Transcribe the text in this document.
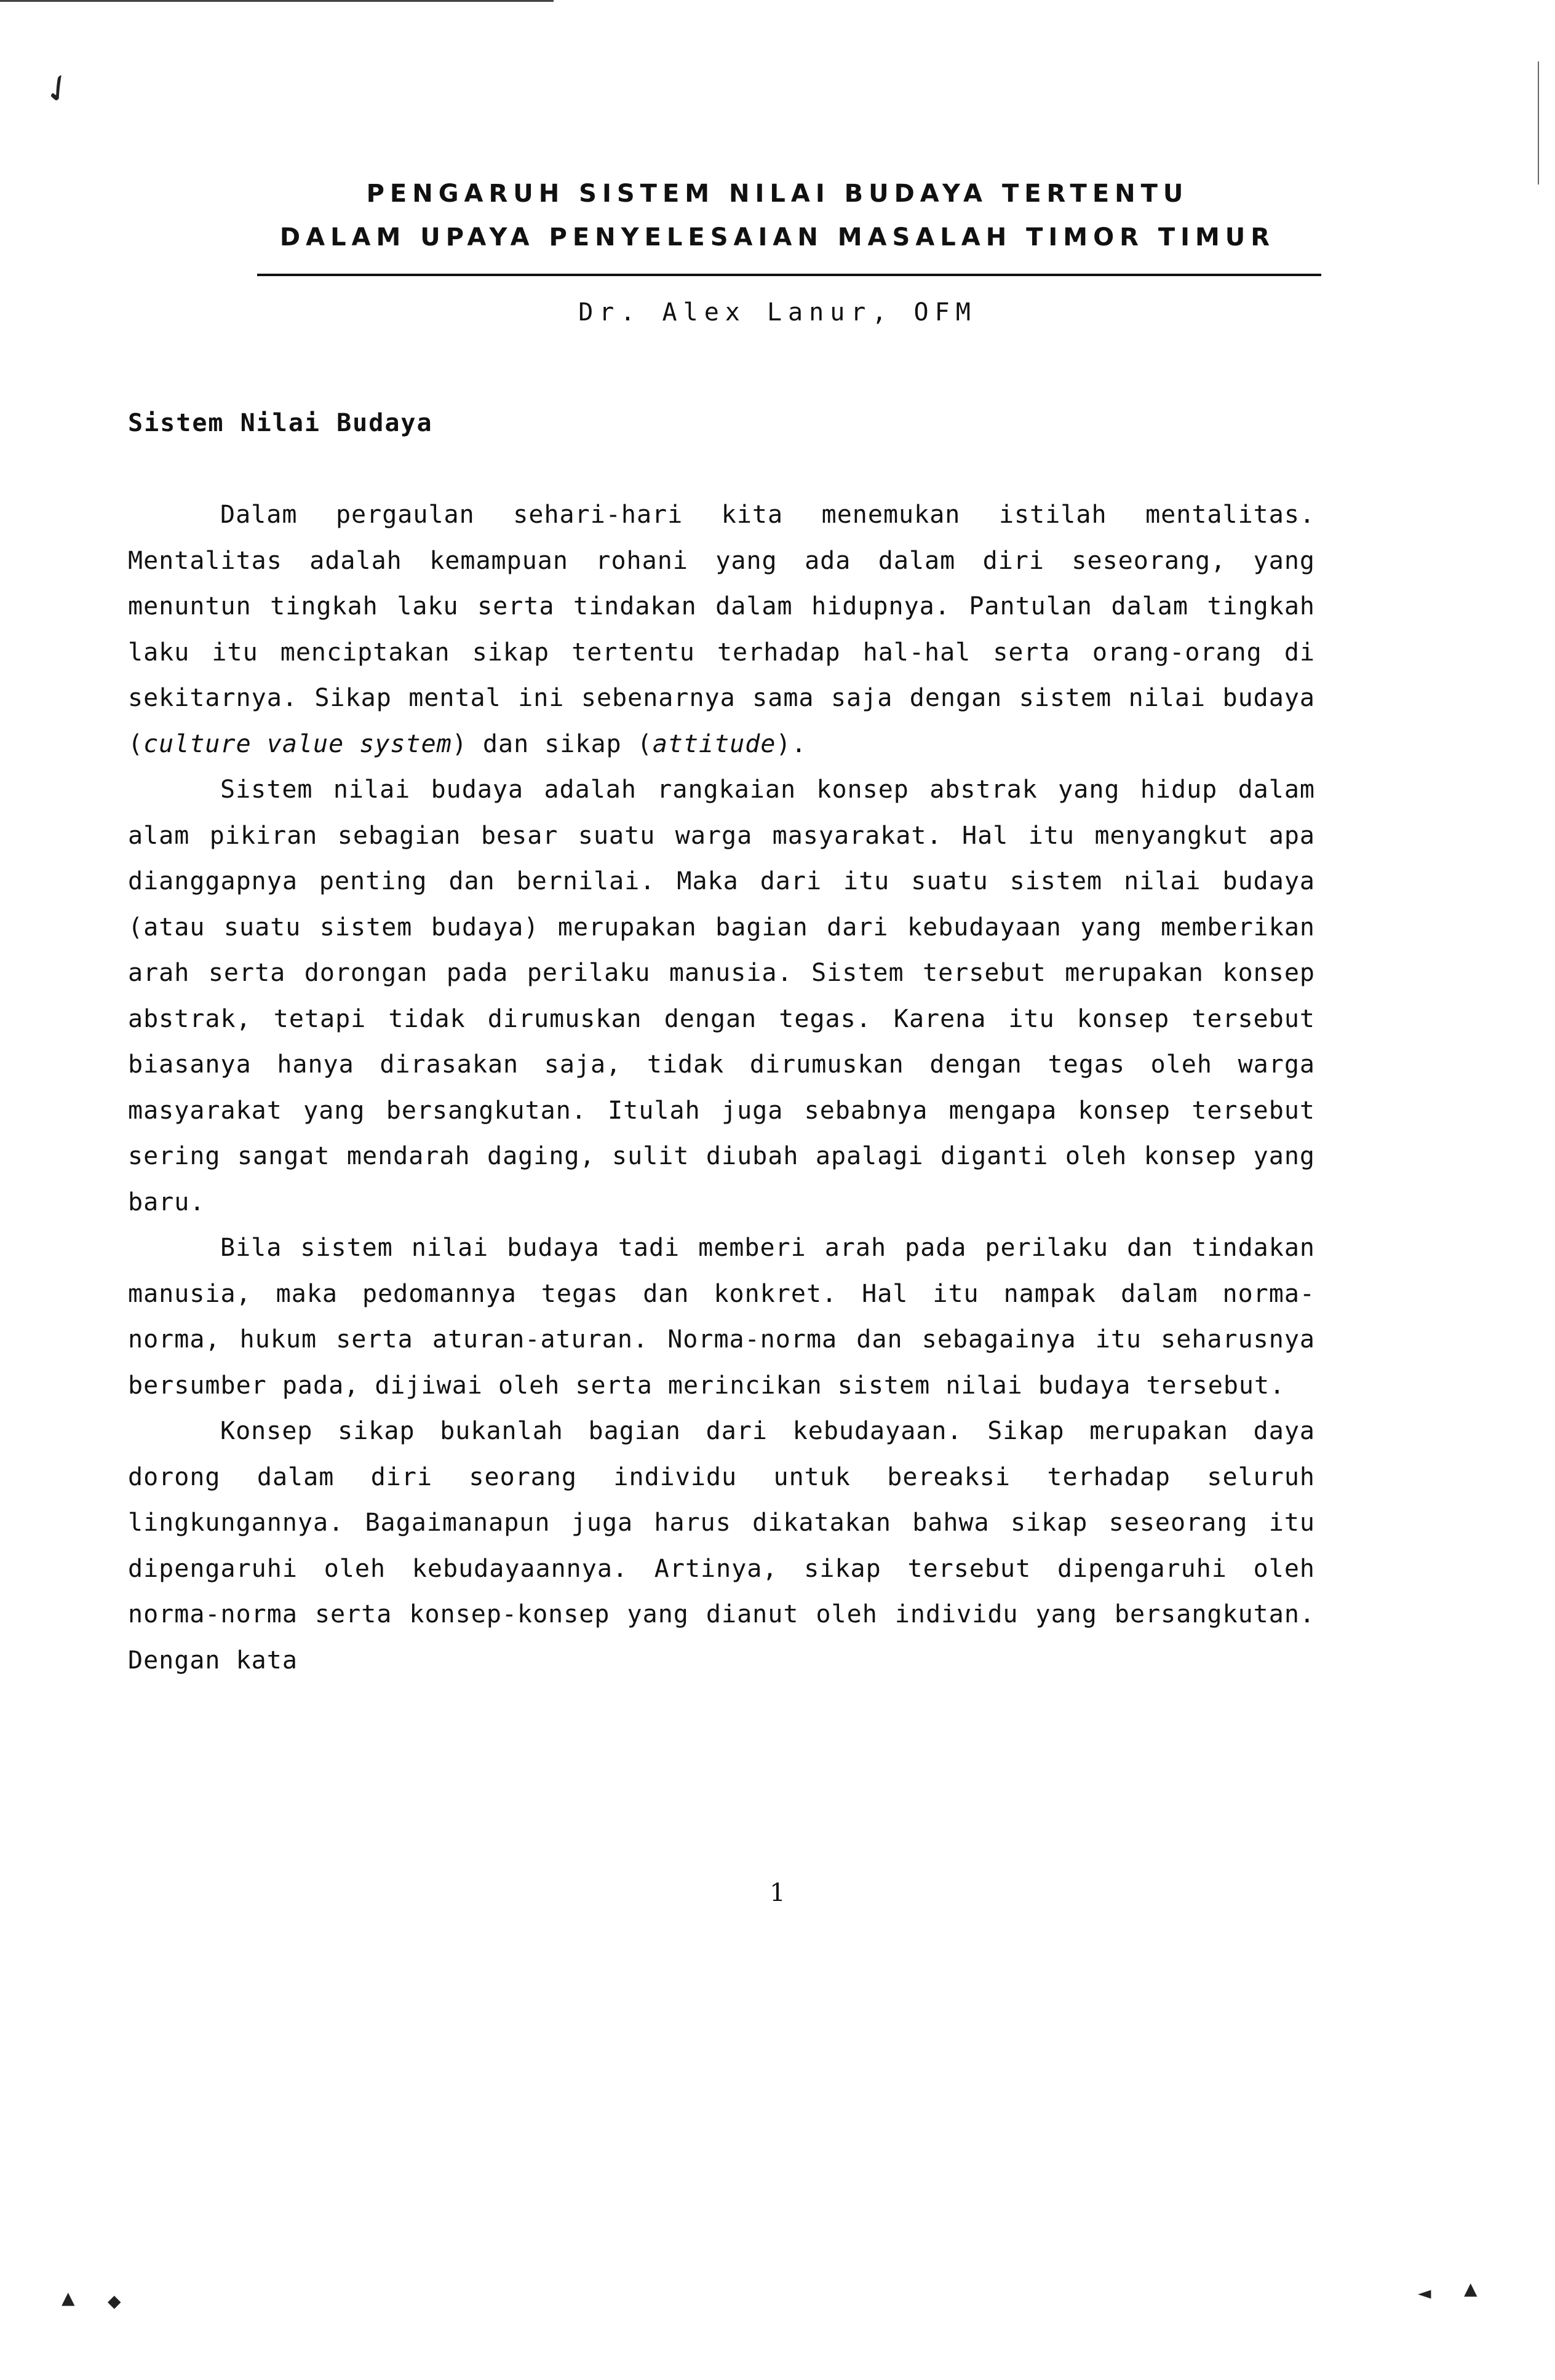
✓
PENGARUH SISTEM NILAI BUDAYA TERTENTU
DALAM UPAYA PENYELESAIAN MASALAH TIMOR TIMUR
Dr. Alex Lanur, OFM
Sistem Nilai Budaya

Dalam pergaulan sehari-hari kita menemukan istilah mentalitas. Mentalitas adalah kemampuan rohani yang ada dalam diri seseorang, yang menuntun tingkah laku serta tindakan dalam hidupnya. Pantulan dalam tingkah laku itu menciptakan sikap tertentu terhadap hal-hal serta orang-orang di sekitarnya. Sikap mental ini sebenarnya sama saja dengan sistem nilai budaya (culture value system) dan sikap (attitude).

Sistem nilai budaya adalah rangkaian konsep abstrak yang hidup dalam alam pikiran sebagian besar suatu warga masyarakat. Hal itu menyangkut apa dianggapnya penting dan bernilai. Maka dari itu suatu sistem nilai budaya (atau suatu sistem budaya) merupakan bagian dari kebudayaan yang memberikan arah serta dorongan pada perilaku manusia. Sistem tersebut merupakan konsep abstrak, tetapi tidak dirumuskan dengan tegas. Karena itu konsep tersebut biasanya hanya dirasakan saja, tidak dirumuskan dengan tegas oleh warga masyarakat yang bersangkutan. Itulah juga sebabnya mengapa konsep tersebut sering sangat mendarah daging, sulit diubah apalagi diganti oleh konsep yang baru.

Bila sistem nilai budaya tadi memberi arah pada perilaku dan tindakan manusia, maka pedomannya tegas dan konkret. Hal itu nampak dalam norma-norma, hukum serta aturan-aturan. Norma-norma dan sebagainya itu seharusnya bersumber pada, dijiwai oleh serta merincikan sistem nilai budaya tersebut.

Konsep sikap bukanlah bagian dari kebudayaan. Sikap merupakan daya dorong dalam diri seorang individu untuk bereaksi terhadap seluruh lingkungannya. Bagaimanapun juga harus dikatakan bahwa sikap seseorang itu dipengaruhi oleh kebudayaannya. Artinya, sikap tersebut dipengaruhi oleh norma-norma serta konsep-konsep yang dianut oleh individu yang bersangkutan. Dengan kata

1
▲ ◆	◄ ▲
